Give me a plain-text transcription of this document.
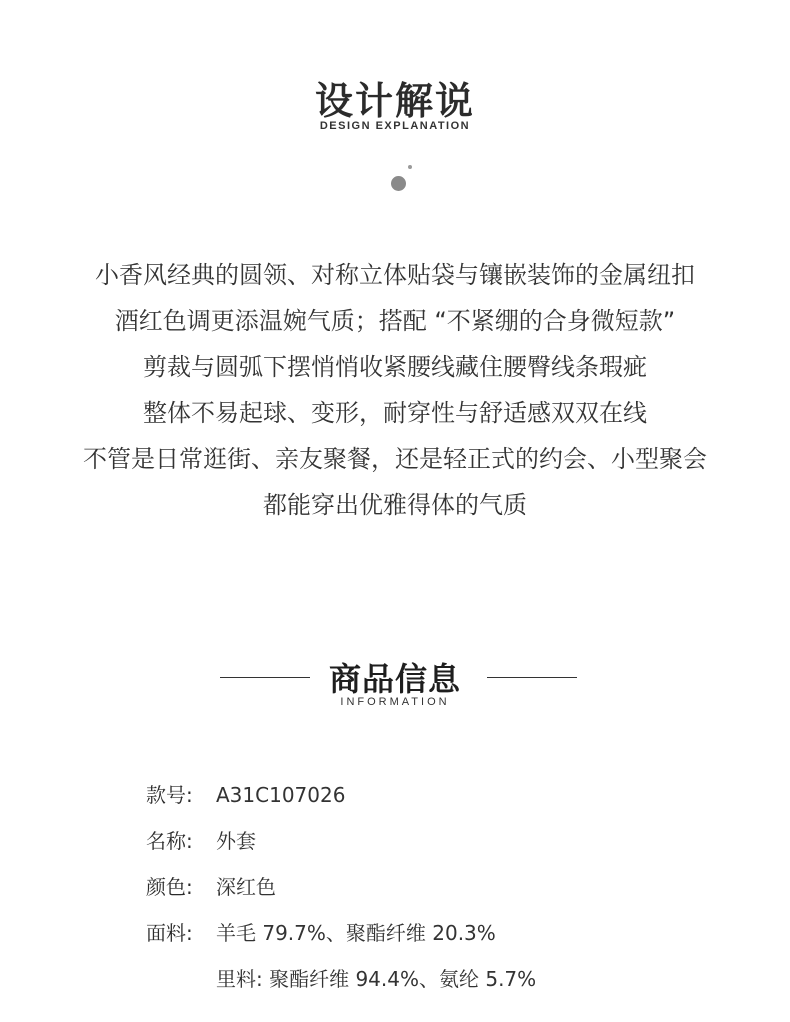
设计解说
DESIGN EXPLANATION
小香风经典的圆领、对称立体贴袋与镶嵌装饰的金属纽扣
酒红色调更添温婉气质；搭配 “不紧绷的合身微短款”
剪裁与圆弧下摆悄悄收紧腰线藏住腰臀线条瑕疵
整体不易起球、变形，耐穿性与舒适感双双在线
不管是日常逛街、亲友聚餐，还是轻正式的约会、小型聚会
都能穿出优雅得体的气质
商品信息
INFORMATION
款号: A31C107026
名称: 外套
颜色: 深红色
面料: 羊毛 79.7%、聚酯纤维 20.3%
里料: 聚酯纤维 94.4%、氨纶 5.7%
